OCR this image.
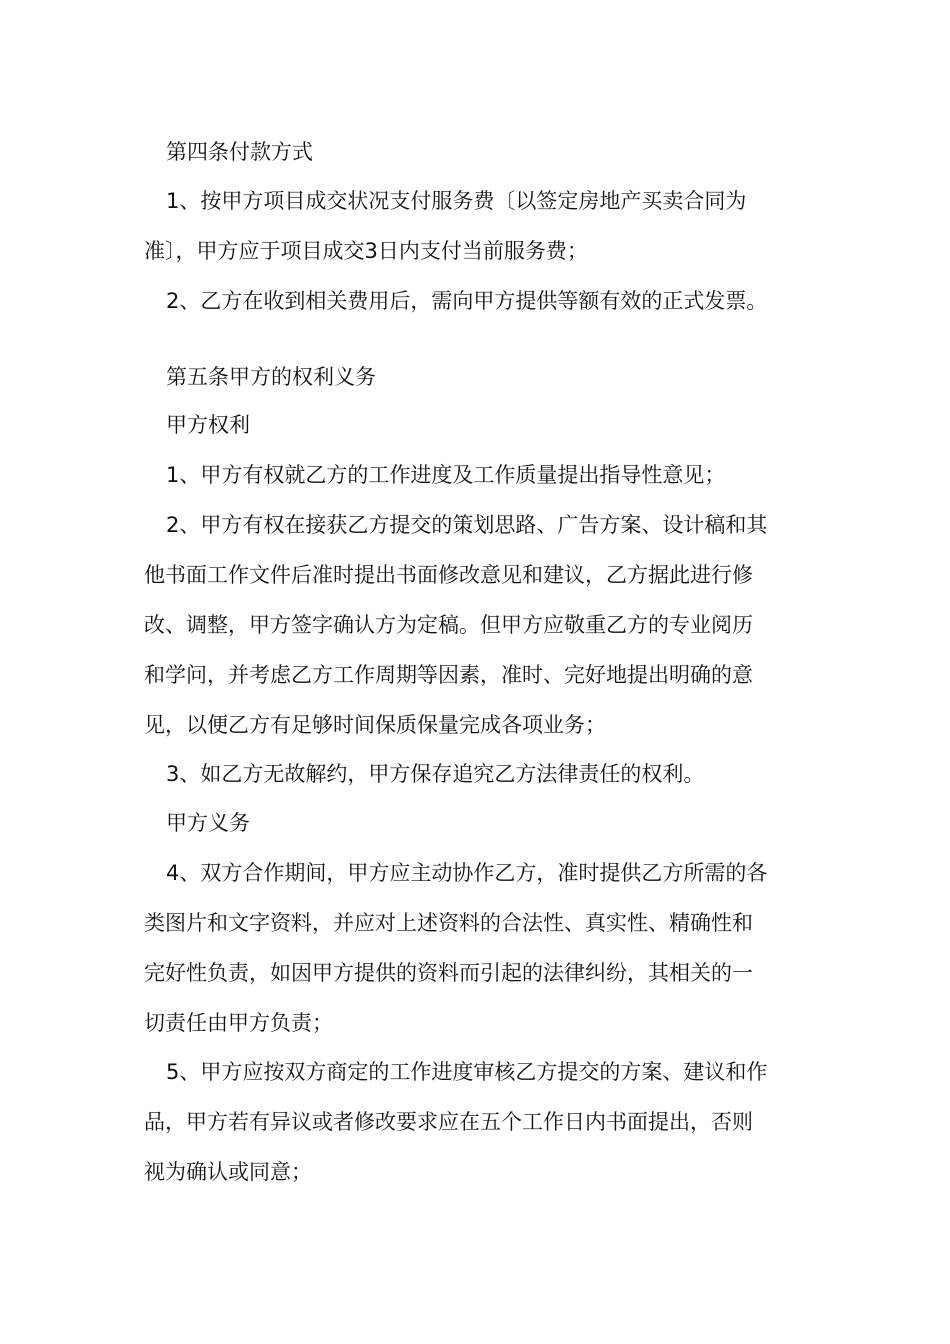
第四条付款方式
1、按甲方项目成交状况支付服务费〔以签定房地产买卖合同为
准〕，甲方应于项目成交3日内支付当前服务费；
2、乙方在收到相关费用后，需向甲方提供等额有效的正式发票。
第五条甲方的权利义务
甲方权利
1、甲方有权就乙方的工作进度及工作质量提出指导性意见；
2、甲方有权在接获乙方提交的策划思路、广告方案、设计稿和其
他书面工作文件后准时提出书面修改意见和建议，乙方据此进行修
改、调整，甲方签字确认方为定稿。但甲方应敬重乙方的专业阅历
和学问，并考虑乙方工作周期等因素，准时、完好地提出明确的意
见，以便乙方有足够时间保质保量完成各项业务；
3、如乙方无故解约，甲方保存追究乙方法律责任的权利。
甲方义务
4、双方合作期间，甲方应主动协作乙方，准时提供乙方所需的各
类图片和文字资料，并应对上述资料的合法性、真实性、精确性和
完好性负责，如因甲方提供的资料而引起的法律纠纷，其相关的一
切责任由甲方负责；
5、甲方应按双方商定的工作进度审核乙方提交的方案、建议和作
品，甲方若有异议或者修改要求应在五个工作日内书面提出，否则
视为确认或同意；
